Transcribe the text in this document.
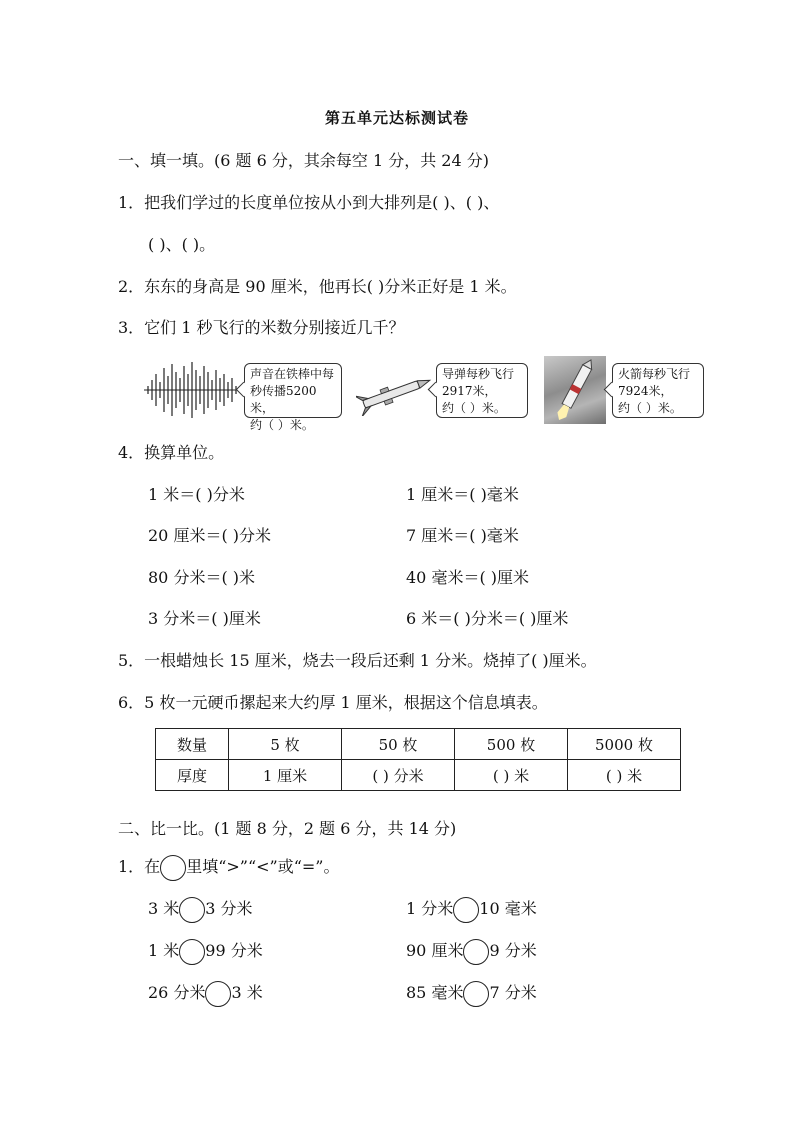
第五单元达标测试卷
一、填一填。(6 题 6 分，其余每空 1 分，共 24 分)
1．把我们学过的长度单位按从小到大排列是( )、( )、
( )、( )。
2．东东的身高是 90 厘米，他再长( )分米正好是 1 米。
3．它们 1 秒飞行的米数分别接近几千？
声音在铁棒中每
秒传播5200米，
约（ ）米。
导弹每秒飞行
2917米，
约（ ）米。
火箭每秒飞行
7924米，
约（ ）米。
4．换算单位。
1 米＝( )分米	1 厘米＝( )毫米
20 厘米＝( )分米	7 厘米＝( )毫米
80 分米＝( )米	40 毫米＝( )厘米
3 分米＝( )厘米	6 米＝( )分米＝( )厘米
5．一根蜡烛长 15 厘米，烧去一段后还剩 1 分米。烧掉了( )厘米。
6．5 枚一元硬币摞起来大约厚 1 厘米，根据这个信息填表。
数量	5 枚	50 枚	500 枚	5000 枚
厚度	1 厘米	( ) 分米	( ) 米	( ) 米
二、比一比。(1 题 8 分，2 题 6 分，共 14 分)
1．在 里填“>”“<”或“=”。
3 米 3 分米	1 分米 10 毫米
1 米 99 分米	90 厘米 9 分米
26 分米 3 米	85 毫米 7 分米
